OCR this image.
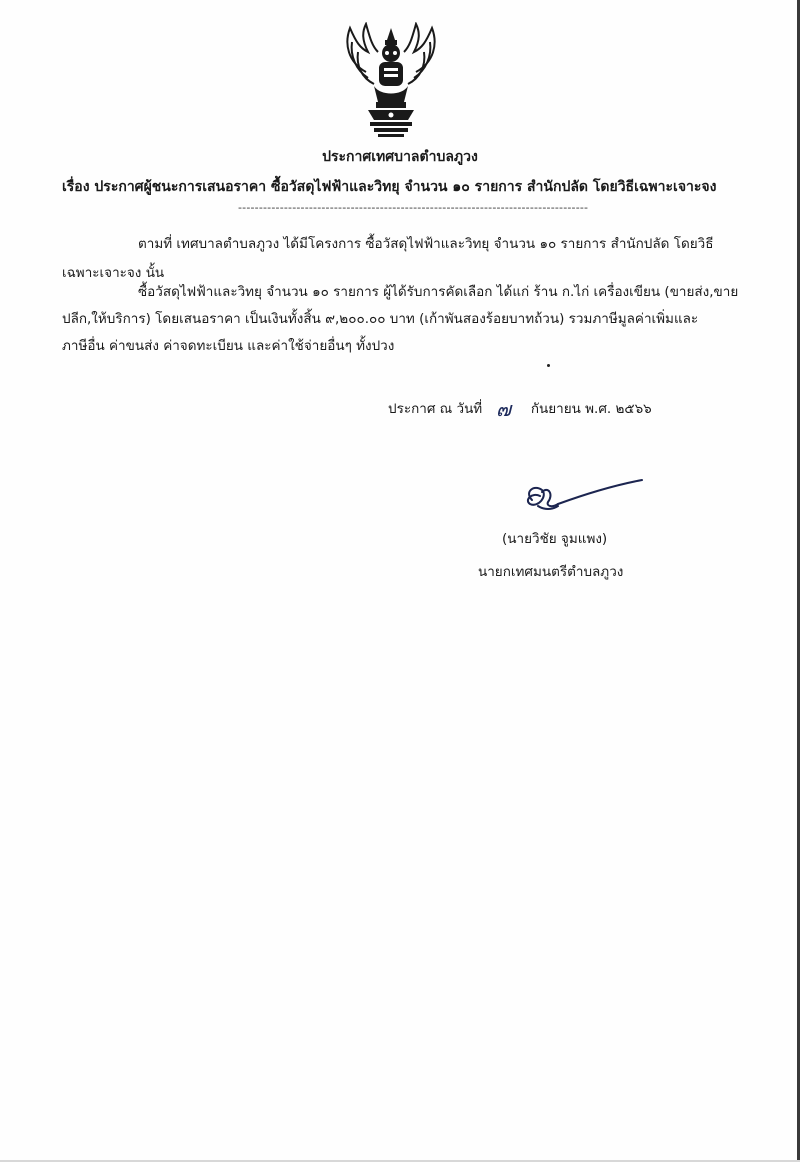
ประกาศเทศบาลตำบลภูวง
เรื่อง ประกาศผู้ชนะการเสนอราคา ซื้อวัสดุไฟฟ้าและวิทยุ จำนวน ๑๐ รายการ สำนักปลัด โดยวิธีเฉพาะเจาะจง
------------------------------------------------------------------------------------
ตามที่ เทศบาลตำบลภูวง ได้มีโครงการ ซื้อวัสดุไฟฟ้าและวิทยุ จำนวน ๑๐ รายการ สำนักปลัด โดยวิธี
เฉพาะเจาะจง นั้น
ซื้อวัสดุไฟฟ้าและวิทยุ จำนวน ๑๐ รายการ ผู้ได้รับการคัดเลือก ได้แก่ ร้าน ก.ไก่ เครื่องเขียน (ขายส่ง,ขาย
ปลีก,ให้บริการ) โดยเสนอราคา เป็นเงินทั้งสิ้น ๙,๒๐๐.๐๐ บาท (เก้าพันสองร้อยบาทถ้วน) รวมภาษีมูลค่าเพิ่มและ
ภาษีอื่น ค่าขนส่ง ค่าจดทะเบียน และค่าใช้จ่ายอื่นๆ ทั้งปวง
ประกาศ ณ วันที่	กันยายน พ.ศ. ๒๕๖๖
๗
(นายวิชัย จูมแพง)
นายกเทศมนตรีตำบลภูวง
